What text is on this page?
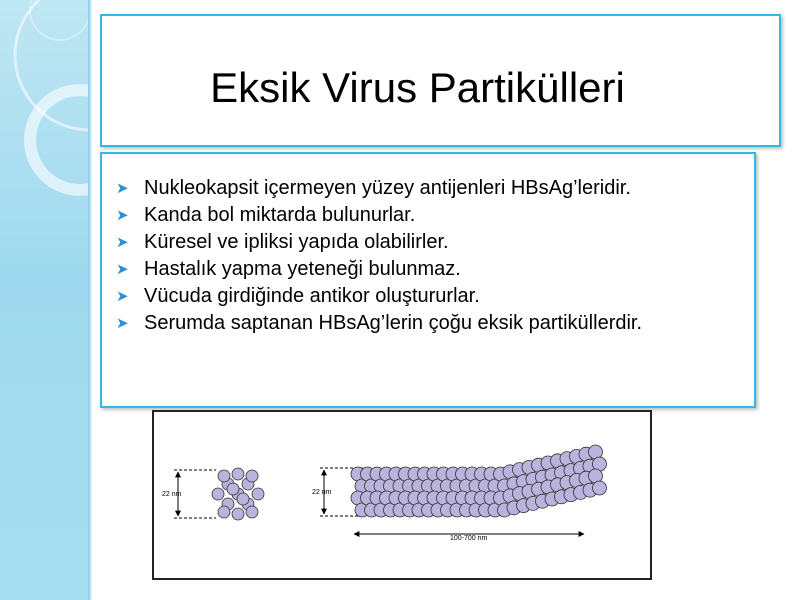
Eksik Virus Partikülleri
➤ Nukleokapsit içermeyen yüzey antijenleri HBsAg’leridir.
➤ Kanda bol miktarda bulunurlar.
➤ Küresel ve ipliksi yapıda olabilirler.
➤ Hastalık yapma yeteneği bulunmaz.
➤ Vücuda girdiğinde antikor oluştururlar.
➤ Serumda saptanan HBsAg’lerin çoğu eksik partiküllerdir.
22 nm	22 nm
100-700 nm
